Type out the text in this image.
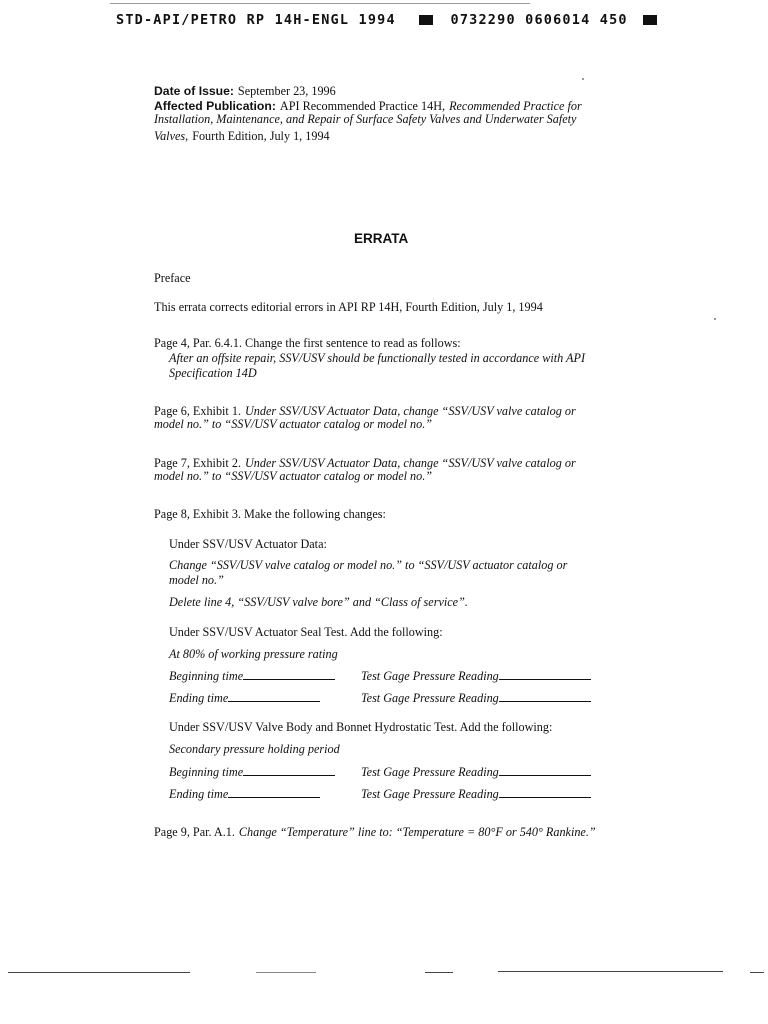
STD-API/PETRO RP 14H-ENGL 1994	0732290 0606014 450
Date of Issue: September 23, 1996
Affected Publication: API Recommended Practice 14H, Recommended Practice for
Installation, Maintenance, and Repair of Surface Safety Valves and Underwater Safety
Valves, Fourth Edition, July 1, 1994
ERRATA
Preface
This errata corrects editorial errors in API RP 14H, Fourth Edition, July 1, 1994
Page 4, Par. 6.4.1. Change the first sentence to read as follows:
After an offsite repair, SSV/USV should be functionally tested in accordance with API
Specification 14D
Page 6, Exhibit 1. Under SSV/USV Actuator Data, change “SSV/USV valve catalog or
model no.” to “SSV/USV actuator catalog or model no.”
Page 7, Exhibit 2. Under SSV/USV Actuator Data, change “SSV/USV valve catalog or
model no.” to “SSV/USV actuator catalog or model no.”
Page 8, Exhibit 3. Make the following changes:
Under SSV/USV Actuator Data:
Change “SSV/USV valve catalog or model no.” to “SSV/USV actuator catalog or
model no.”
Delete line 4, “SSV/USV valve bore” and “Class of service”.
Under SSV/USV Actuator Seal Test. Add the following:
At 80% of working pressure rating
Beginning time	Test Gage Pressure Reading
Ending time	Test Gage Pressure Reading
Under SSV/USV Valve Body and Bonnet Hydrostatic Test. Add the following:
Secondary pressure holding period
Beginning time	Test Gage Pressure Reading
Ending time	Test Gage Pressure Reading
Page 9, Par. A.1. Change “Temperature” line to: “Temperature = 80°F or 540° Rankine.”
